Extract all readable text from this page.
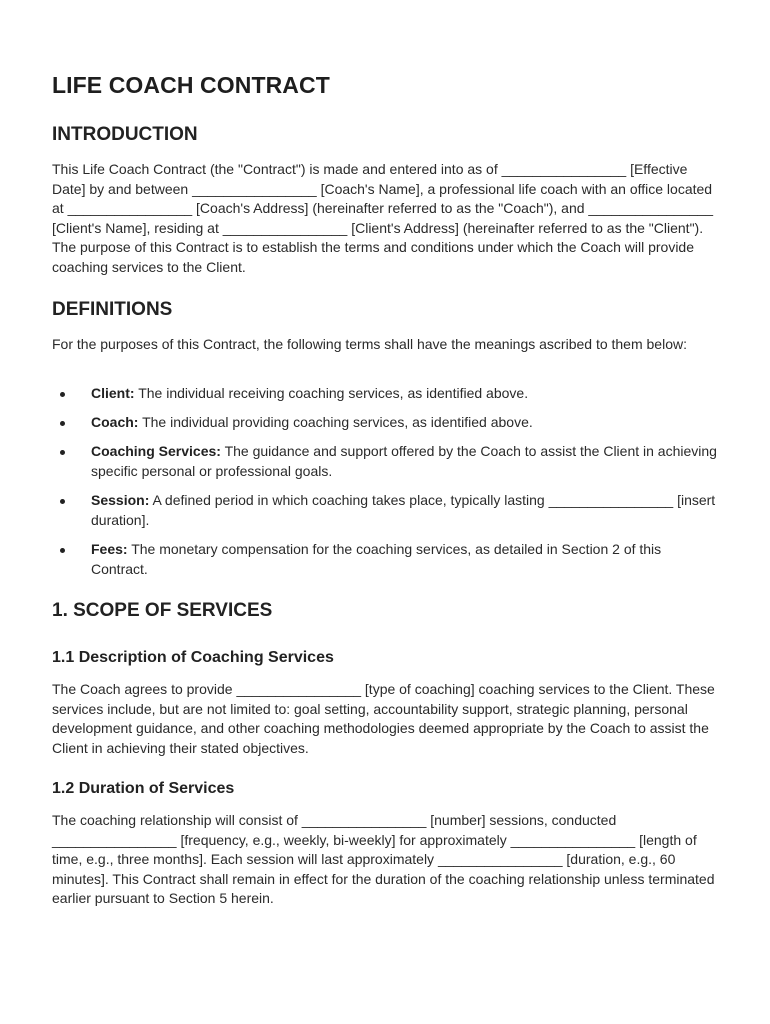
LIFE COACH CONTRACT
INTRODUCTION

This Life Coach Contract (the "Contract") is made and entered into as of ________________ [Effective Date] by and between ________________ [Coach's Name], a professional life coach with an office located at ________________ [Coach's Address] (hereinafter referred to as the "Coach"), and ________________ [Client's Name], residing at ________________ [Client's Address] (hereinafter referred to as the "Client"). The purpose of this Contract is to establish the terms and conditions under which the Coach will provide coaching services to the Client.

DEFINITIONS

For the purposes of this Contract, the following terms shall have the meanings ascribed to them below:

Client: The individual receiving coaching services, as identified above.
Coach: The individual providing coaching services, as identified above.
Coaching Services: The guidance and support offered by the Coach to assist the Client in achieving specific personal or professional goals.
Session: A defined period in which coaching takes place, typically lasting ________________ [insert duration].
Fees: The monetary compensation for the coaching services, as detailed in Section 2 of this Contract.
1. SCOPE OF SERVICES
1.1 Description of Coaching Services

The Coach agrees to provide ________________ [type of coaching] coaching services to the Client. These services include, but are not limited to: goal setting, accountability support, strategic planning, personal development guidance, and other coaching methodologies deemed appropriate by the Coach to assist the Client in achieving their stated objectives.

1.2 Duration of Services

The coaching relationship will consist of ________________ [number] sessions, conducted ________________ [frequency, e.g., weekly, bi-weekly] for approximately ________________ [length of time, e.g., three months]. Each session will last approximately ________________ [duration, e.g., 60 minutes]. This Contract shall remain in effect for the duration of the coaching relationship unless terminated earlier pursuant to Section 5 herein.
